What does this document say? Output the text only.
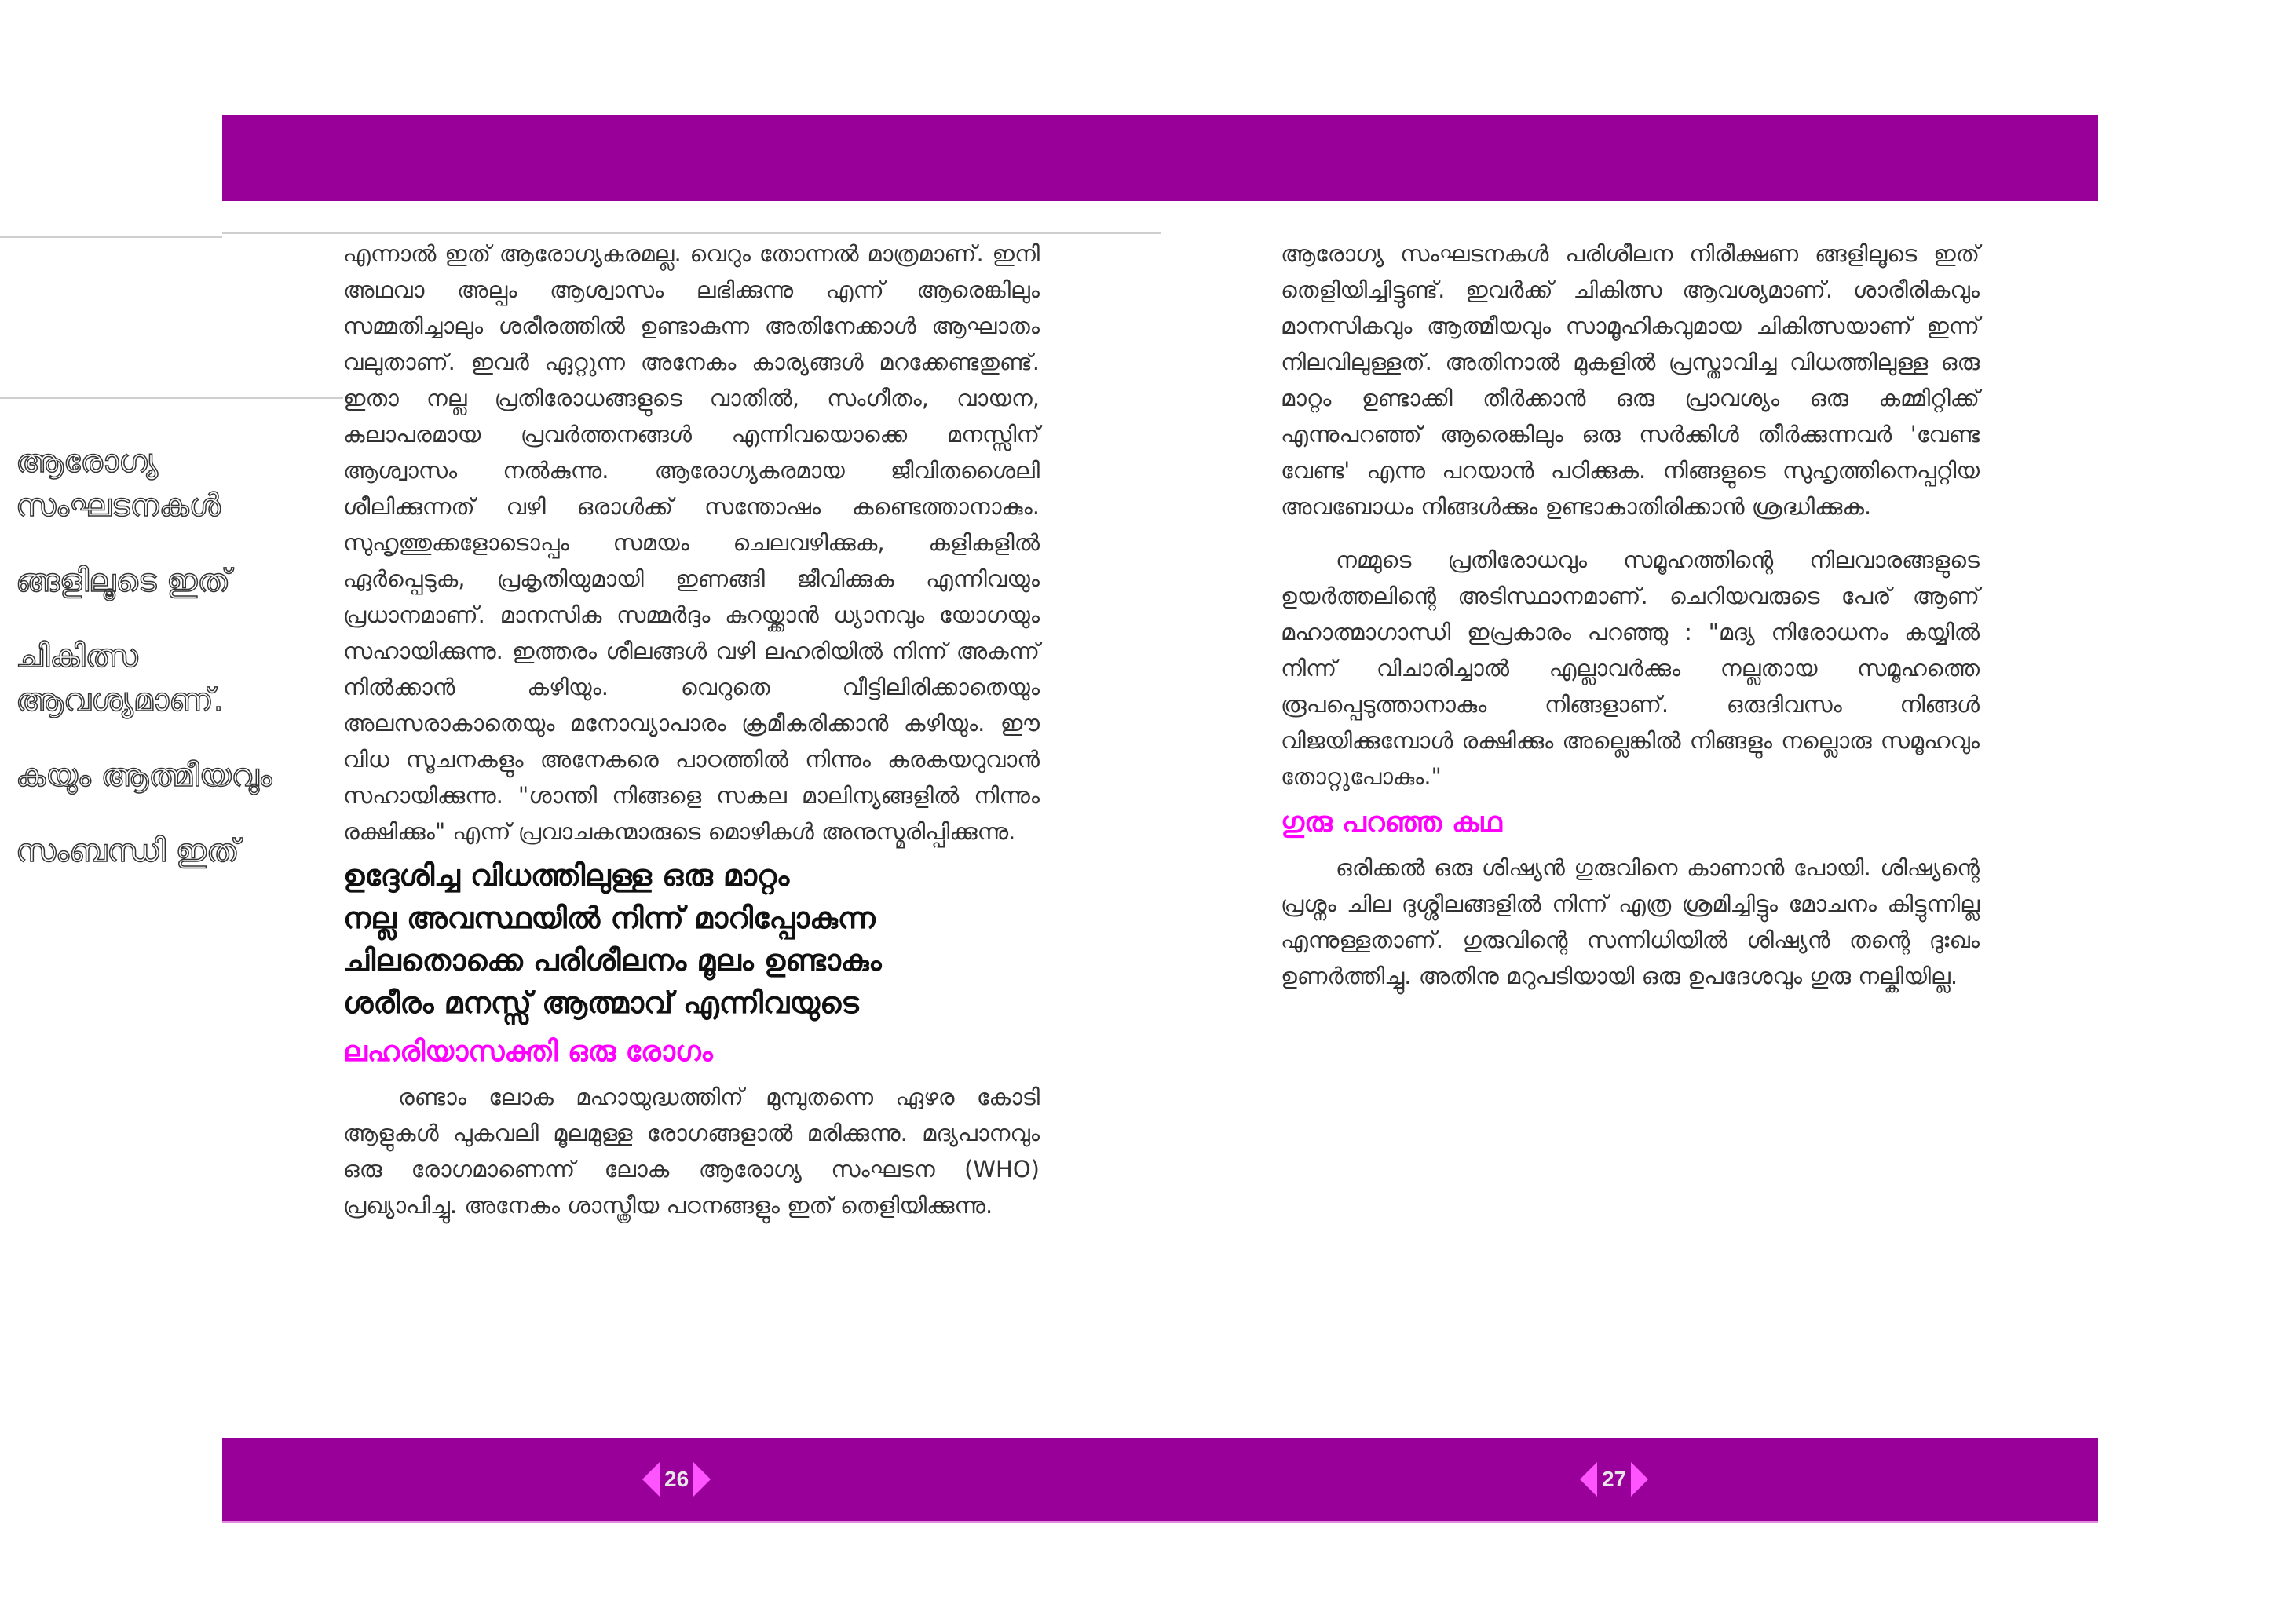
എന്നാൽ ഇത് ആരോഗ്യകരമല്ല. വെറും തോന്നൽ മാത്രമാണ്. ഇനി അഥവാ അല്പം ആശ്വാസം ലഭിക്കുന്നു എന്ന് ആരെങ്കിലും സമ്മതിച്ചാലും ശരീരത്തിൽ ഉണ്ടാകുന്ന അതിനേക്കാൾ ആഘാതം വലുതാണ്. ഇവർ ഏറ്റുന്ന അനേകം കാര്യങ്ങൾ മറക്കേണ്ടതുണ്ട്. ഇതാ നല്ല പ്രതിരോധങ്ങളുടെ വാതിൽ, സംഗീതം, വായന, കലാപരമായ പ്രവർത്തനങ്ങൾ എന്നിവയൊക്കെ മനസ്സിന് ആശ്വാസം നൽകുന്നു. ആരോഗ്യകരമായ ജീവിതശൈലി ശീലിക്കുന്നത് വഴി ഒരാൾക്ക് സന്തോഷം കണ്ടെത്താനാകും. സുഹൃത്തുക്കളോടൊപ്പം സമയം ചെലവഴിക്കുക, കളികളിൽ ഏർപ്പെടുക, പ്രകൃതിയുമായി ഇണങ്ങി ജീവിക്കുക എന്നിവയും പ്രധാനമാണ്. മാനസിക സമ്മർദ്ദം കുറയ്ക്കാൻ ധ്യാനവും യോഗയും സഹായിക്കുന്നു. ഇത്തരം ശീലങ്ങൾ വഴി ലഹരിയിൽ നിന്ന് അകന്ന് നിൽക്കാൻ കഴിയും. വെറുതെ വീട്ടിലിരിക്കാതെയും അലസരാകാതെയും മനോവ്യാപാരം ക്രമീകരിക്കാൻ കഴിയും. ഈ വിധ സൂചനകളും അനേകരെ പാഠത്തിൽ നിന്നും കരകയറുവാൻ സഹായിക്കുന്നു. "ശാന്തി നിങ്ങളെ സകല മാലിന്യങ്ങളിൽ നിന്നും രക്ഷിക്കും" എന്ന് പ്രവാചകന്മാരുടെ മൊഴികൾ അനുസ്മരിപ്പിക്കുന്നു.

ഉദ്ദേശിച്ച വിധത്തിലുള്ള ഒരു മാറ്റം
നല്ല അവസ്ഥയിൽ നിന്ന് മാറിപ്പോകുന്ന
ചിലതൊക്കെ പരിശീലനം മൂലം ഉണ്ടാകും
ശരീരം മനസ്സ് ആത്മാവ് എന്നിവയുടെ
ലഹരിയാസക്തി ഒരു രോഗം

രണ്ടാം ലോക മഹായുദ്ധത്തിന് മുമ്പുതന്നെ ഏഴര കോടി ആളുകൾ പുകവലി മൂലമുള്ള രോഗങ്ങളാൽ മരിക്കുന്നു. മദ്യപാനവും ഒരു രോഗമാണെന്ന് ലോക ആരോഗ്യ സംഘടന (WHO) പ്രഖ്യാപിച്ചു. അനേകം ശാസ്ത്രീയ പഠനങ്ങളും ഇത് തെളിയിക്കുന്നു.

ആരോഗ്യ സംഘടനകൾ
ങ്ങളിലൂടെ ഇത്
ചികിത്സ ആവശ്യമാണ്.
കയും ആത്മീയവും
സംബന്ധി ഇത്

ആരോഗ്യ സംഘടനകൾ പരിശീലന നിരീക്ഷണ ങ്ങളിലൂടെ ഇത് തെളിയിച്ചിട്ടുണ്ട്. ഇവർക്ക് ചികിത്സ ആവശ്യമാണ്. ശാരീരികവും മാനസികവും ആത്മീയവും സാമൂഹികവുമായ ചികിത്സയാണ് ഇന്ന് നിലവിലുള്ളത്. അതിനാൽ മുകളിൽ പ്രസ്താവിച്ച വിധത്തിലുള്ള ഒരു മാറ്റം ഉണ്ടാക്കി തീർക്കാൻ ഒരു പ്രാവശ്യം ഒരു കമ്മിറ്റിക്ക് എന്നുപറഞ്ഞ് ആരെങ്കിലും ഒരു സർക്കിൾ തീർക്കുന്നവർ 'വേണ്ട വേണ്ട' എന്നു പറയാൻ പഠിക്കുക. നിങ്ങളുടെ സുഹൃത്തിനെപ്പറ്റിയ അവബോധം നിങ്ങൾക്കും ഉണ്ടാകാതിരിക്കാൻ ശ്രദ്ധിക്കുക.

നമ്മുടെ പ്രതിരോധവും സമൂഹത്തിന്റെ നിലവാരങ്ങളുടെ ഉയർത്തലിന്റെ അടിസ്ഥാനമാണ്. ചെറിയവരുടെ പേര് ആണ് മഹാത്മാഗാന്ധി ഇപ്രകാരം പറഞ്ഞു : "മദ്യ നിരോധനം കയ്യിൽ നിന്ന് വിചാരിച്ചാൽ എല്ലാവർക്കും നല്ലതായ സമൂഹത്തെ രൂപപ്പെടുത്താനാകും നിങ്ങളാണ്. ഒരുദിവസം നിങ്ങൾ വിജയിക്കുമ്പോൾ രക്ഷിക്കും അല്ലെങ്കിൽ നിങ്ങളും നല്ലൊരു സമൂഹവും തോറ്റുപോകും."

ഗുരു പറഞ്ഞ കഥ

ഒരിക്കൽ ഒരു ശിഷ്യൻ ഗുരുവിനെ കാണാൻ പോയി. ശിഷ്യന്റെ പ്രശ്നം ചില ദുശ്ശീലങ്ങളിൽ നിന്ന് എത്ര ശ്രമിച്ചിട്ടും മോചനം കിട്ടുന്നില്ല എന്നുള്ളതാണ്. ഗുരുവിന്റെ സന്നിധിയിൽ ശിഷ്യൻ തന്റെ ദുഃഖം ഉണർത്തിച്ചു. അതിനു മറുപടിയായി ഒരു ഉപദേശവും ഗുരു നല്കിയില്ല.

26	27
